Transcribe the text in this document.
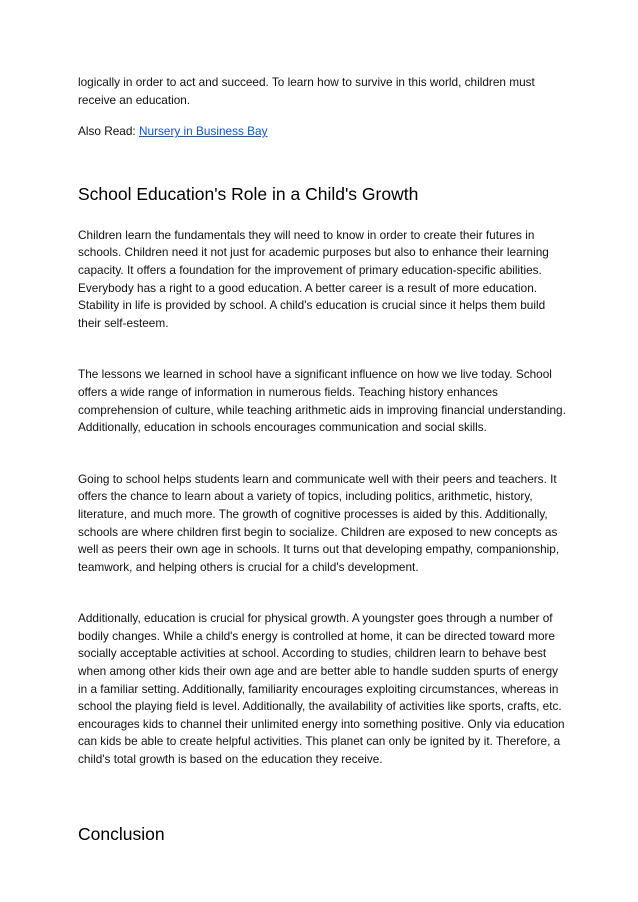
logically in order to act and succeed. To learn how to survive in this world, children must receive an education.

Also Read: Nursery in Business Bay

School Education's Role in a Child's Growth

Children learn the fundamentals they will need to know in order to create their futures in schools. Children need it not just for academic purposes but also to enhance their learning capacity. It offers a foundation for the improvement of primary education-specific abilities. Everybody has a right to a good education. A better career is a result of more education. Stability in life is provided by school. A child's education is crucial since it helps them build their self-esteem.

The lessons we learned in school have a significant influence on how we live today. School offers a wide range of information in numerous fields. Teaching history enhances comprehension of culture, while teaching arithmetic aids in improving financial understanding. Additionally, education in schools encourages communication and social skills.

Going to school helps students learn and communicate well with their peers and teachers. It offers the chance to learn about a variety of topics, including politics, arithmetic, history, literature, and much more. The growth of cognitive processes is aided by this. Additionally, schools are where children first begin to socialize. Children are exposed to new concepts as well as peers their own age in schools. It turns out that developing empathy, companionship, teamwork, and helping others is crucial for a child's development.

Additionally, education is crucial for physical growth. A youngster goes through a number of bodily changes. While a child's energy is controlled at home, it can be directed toward more socially acceptable activities at school. According to studies, children learn to behave best when among other kids their own age and are better able to handle sudden spurts of energy in a familiar setting. Additionally, familiarity encourages exploiting circumstances, whereas in school the playing field is level. Additionally, the availability of activities like sports, crafts, etc. encourages kids to channel their unlimited energy into something positive. Only via education can kids be able to create helpful activities. This planet can only be ignited by it. Therefore, a child's total growth is based on the education they receive.

Conclusion
